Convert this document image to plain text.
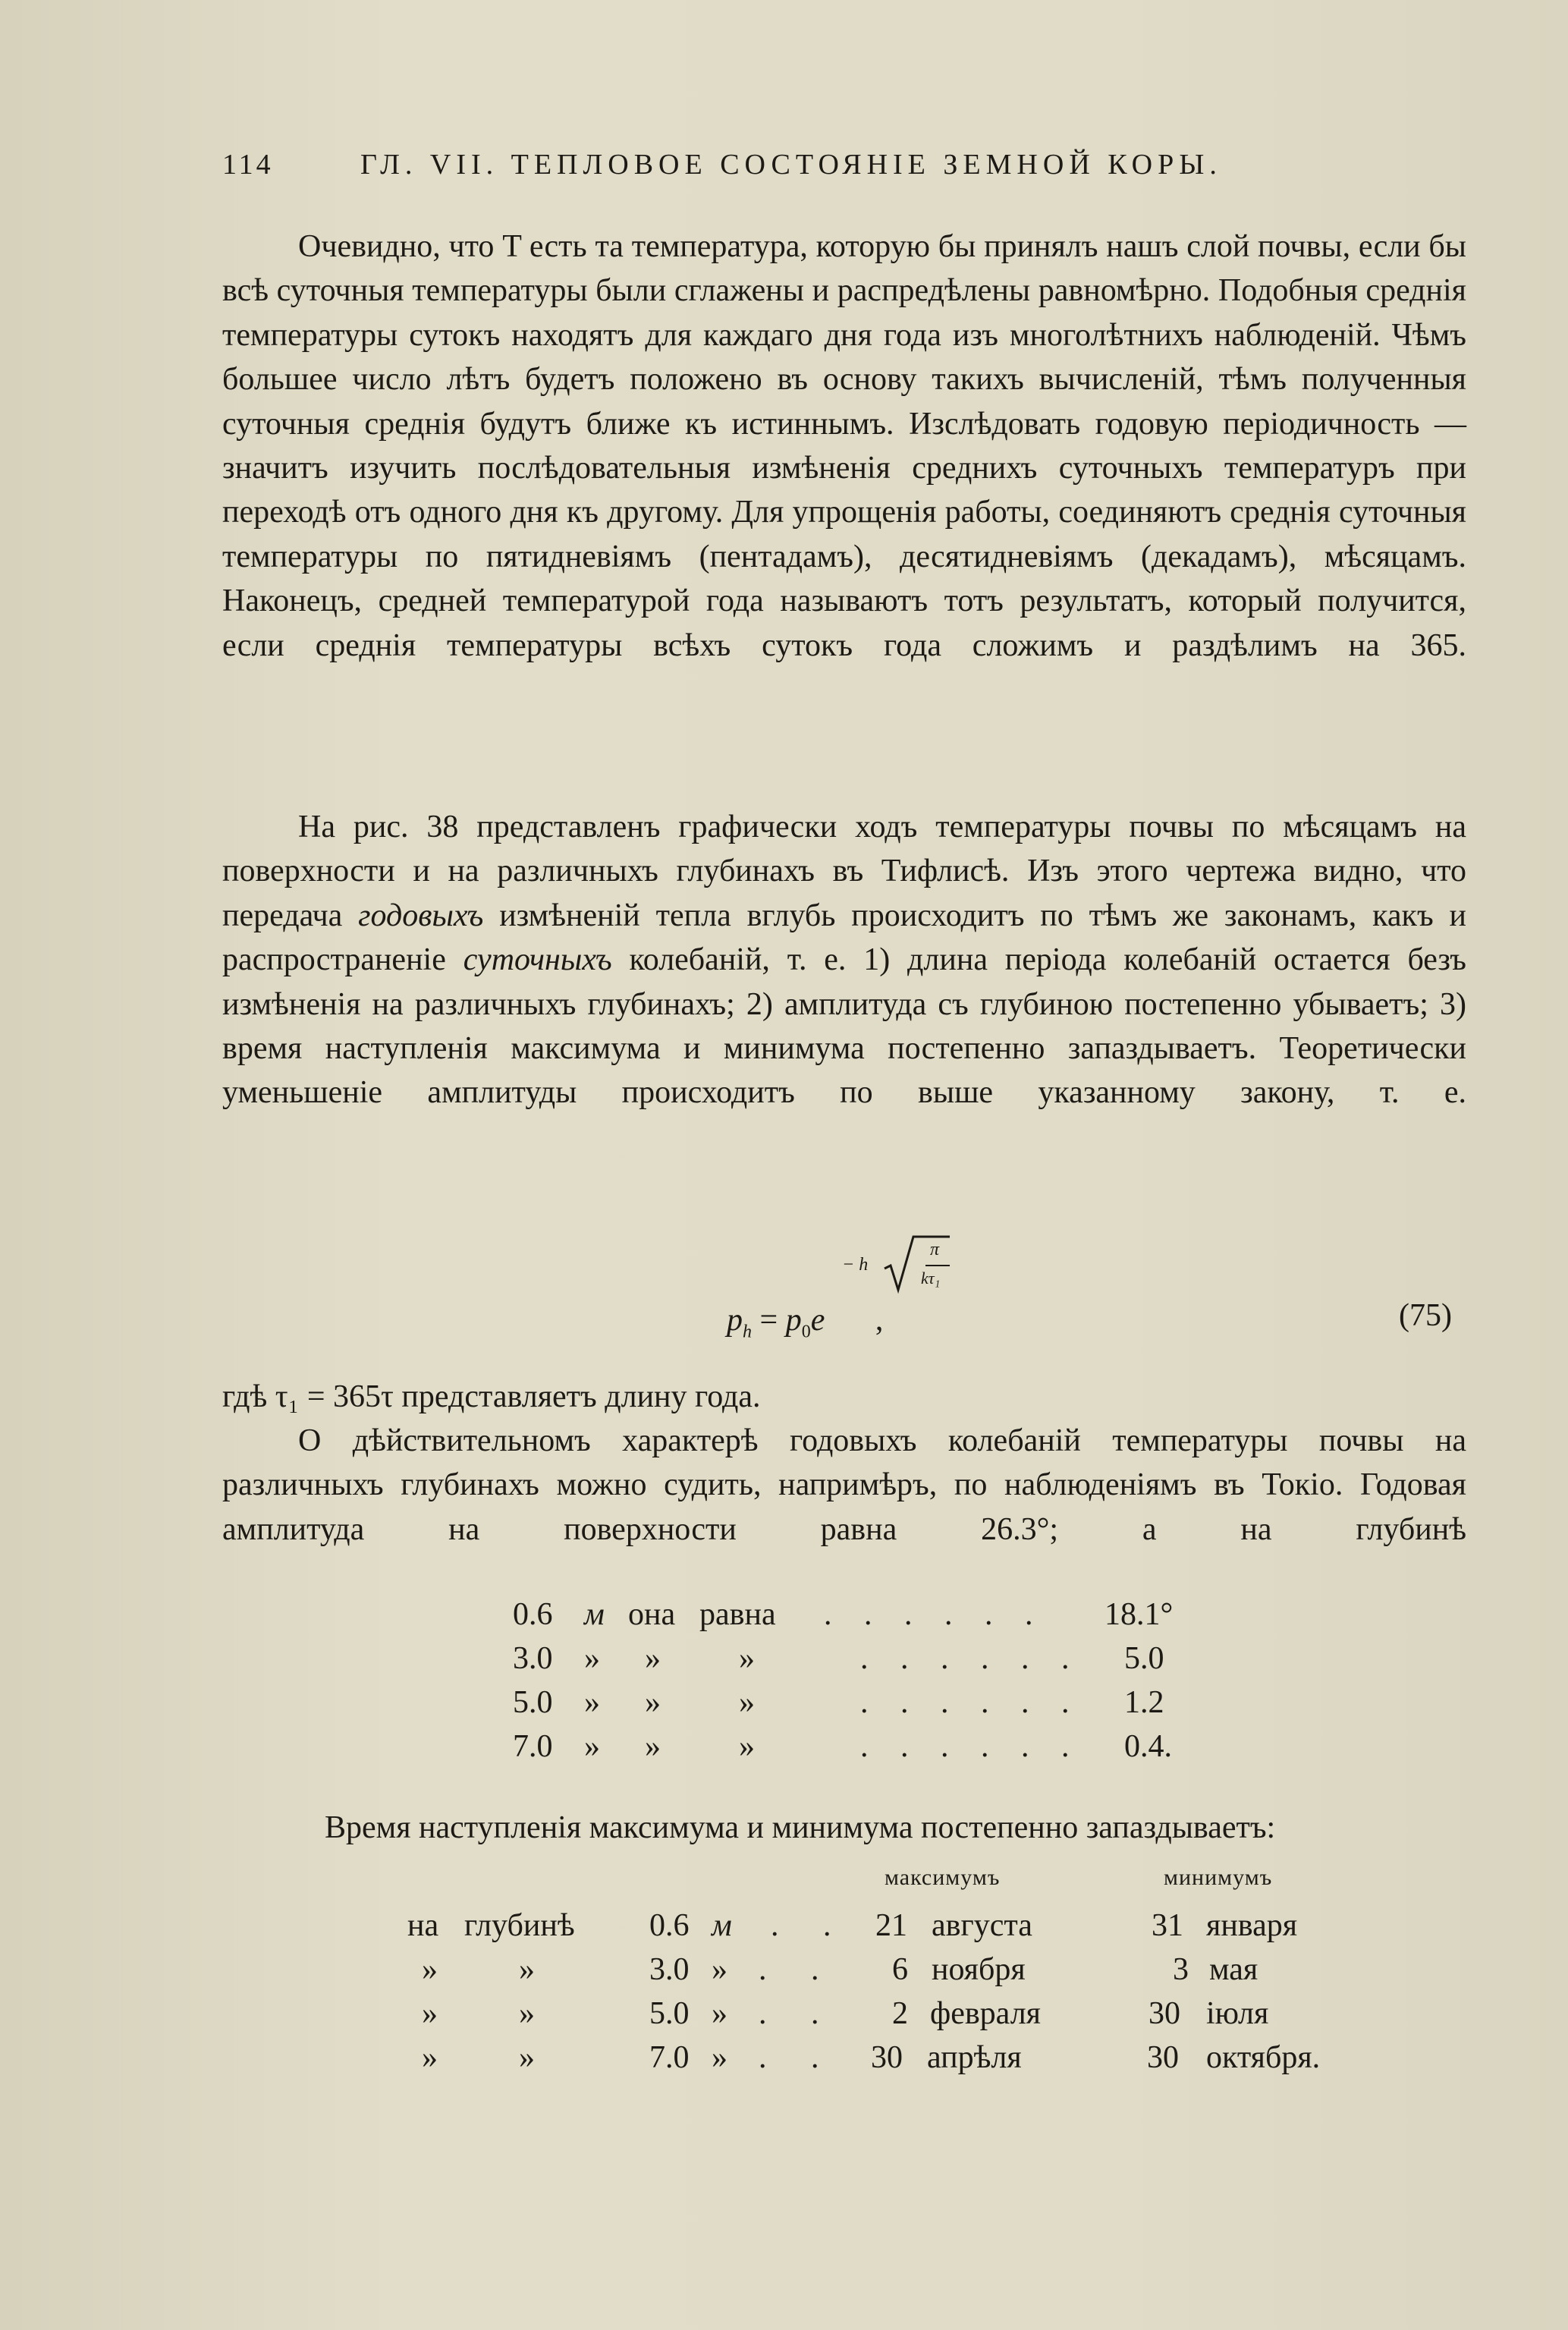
114	ГЛ. VII. ТЕПЛОВОЕ СОСТОЯНІЕ ЗЕМНОЙ КОРЫ.
Очевидно, что T есть та температура, которую бы принялъ нашъ слой почвы, если бы всѣ суточныя температуры были сглажены и распредѣлены равномѣрно. Подобныя среднія температуры сутокъ находятъ для каждаго дня года изъ многолѣтнихъ наблюденій. Чѣмъ большее число лѣтъ будетъ положено въ основу такихъ вычисленій, тѣмъ полученныя суточныя среднія будутъ ближе къ истиннымъ. Изслѣдовать годовую періодичность — значитъ изучить послѣдовательныя измѣненія среднихъ суточныхъ температуръ при переходѣ отъ одного дня къ другому. Для упрощенія работы, соединяютъ среднія суточныя температуры по пятидневіямъ (пентадамъ), десятидневіямъ (декадамъ), мѣсяцамъ. Наконецъ, средней температурой года называютъ тотъ результатъ, который получится, если среднія температуры всѣхъ сутокъ года сложимъ и раздѣлимъ на 365.
На рис. 38 представленъ графически ходъ температуры почвы по мѣсяцамъ на поверхности и на различныхъ глубинахъ въ Тифлисѣ. Изъ этого чертежа видно, что передача годовыхъ измѣненій тепла вглубь происходитъ по тѣмъ же законамъ, какъ и распространеніе суточныхъ колебаній, т. е. 1) длина періода колебаній остается безъ измѣненія на различныхъ глубинахъ; 2) амплитуда съ глубиною постепенно убываетъ; 3) время наступленія максимума и минимума постепенно запаздываетъ. Теоретически уменьшеніе амплитуды происходитъ по выше указанному закону, т. е.
− h
π
kτ₁
$p_h = p_0e$ ,	(75)
гдѣ τ₁ = 365τ представляетъ длину года.
О дѣйствительномъ характерѣ годовыхъ колебаній температуры почвы на различныхъ глубинахъ можно судить, напримѣръ, по наблюденіямъ въ Токіо. Годовая амплитуда на поверхности равна 26.3°; а на глубинѣ
0.6 м она равна . . . . . . 18.1°
3.0 » » »	. . . . . . 5.0
5.0 » » »	. . . . . . 1.2
7.0 » » »	. . . . . . 0.4.
Время наступленія максимума и минимума постепенно запаздываетъ:
максимумъ	минимумъ
на глубинѣ 0.6 м . . 21 августа	31 января
»	»	3.0 » . . 6 ноября	3 мая
»	»	5.0 » . . 2 февраля	30 іюля
»	»	7.0 » . . 30 апрѣля	30 октября.
